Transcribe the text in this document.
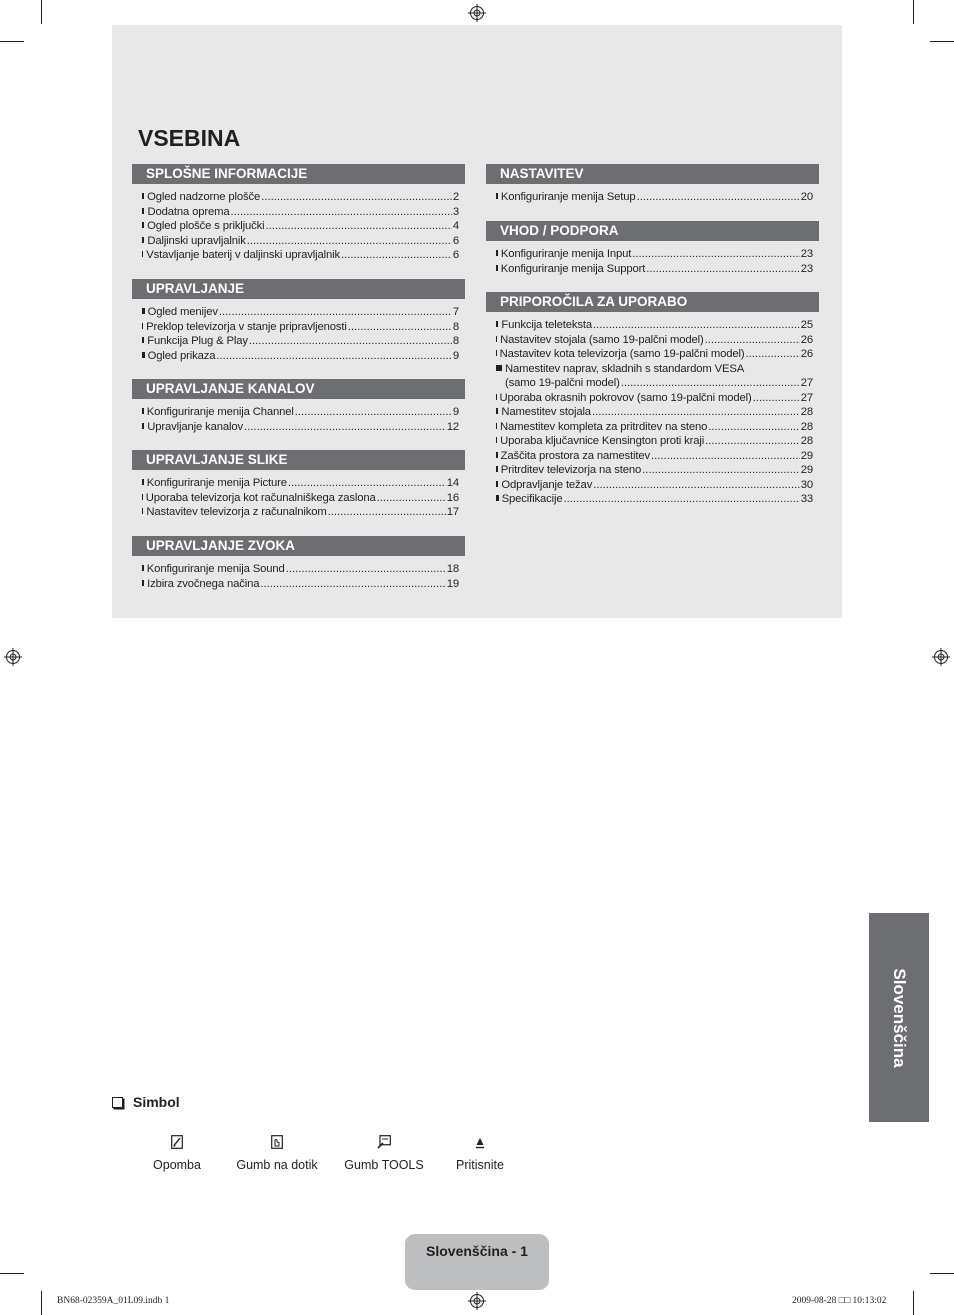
VSEBINA
SPLOŠNE INFORMACIJE
Ogled nadzorne plošče .....	2
Dodatna oprema .....	3
Ogled plošče s priključki .....	4
Daljinski upravljalnik .....	6
Vstavljanje baterij v daljinski upravljalnik .....	6
UPRAVLJANJE
Ogled menijev .....	7
Preklop televizorja v stanje pripravljenosti .....	8
Funkcija Plug & Play .....	8
Ogled prikaza .....	9
UPRAVLJANJE KANALOV
Konfiguriranje menija Channel .....	9
Upravljanje kanalov .....	12
UPRAVLJANJE SLIKE
Konfiguriranje menija Picture .....	14
Uporaba televizorja kot računalniškega zaslona .....	16
Nastavitev televizorja z računalnikom .....	17
UPRAVLJANJE ZVOKA
Konfiguriranje menija Sound .....	18
Izbira zvočnega načina .....	19
NASTAVITEV
Konfiguriranje menija Setup .....	20
VHOD / PODPORA
Konfiguriranje menija Input .....	23
Konfiguriranje menija Support .....	23
PRIPOROČILA ZA UPORABO
Funkcija teleteksta .....	25
Nastavitev stojala (samo 19-palčni model) .....	26
Nastavitev kota televizorja (samo 19-palčni model) .....	26
Namestitev naprav, skladnih s standardom VESA
(samo 19-palčni model) .....	27
Uporaba okrasnih pokrovov (samo 19-palčni model) .....	27
Namestitev stojala .....	28
Namestitev kompleta za pritrditev na steno .....	28
Uporaba ključavnice Kensington proti kraji .....	28
Zaščita prostora za namestitev .....	29
Pritrditev televizorja na steno .....	29
Odpravljanje težav .....	30
Specifikacije .....	33
Slovenščina
Simbol
Opomba	Gumb na dotik	Gumb TOOLS	Pritisnite
Slovenščina - 1
BN68-02359A_01L09.indb 1	2009-08-28 □□ 10:13:02
